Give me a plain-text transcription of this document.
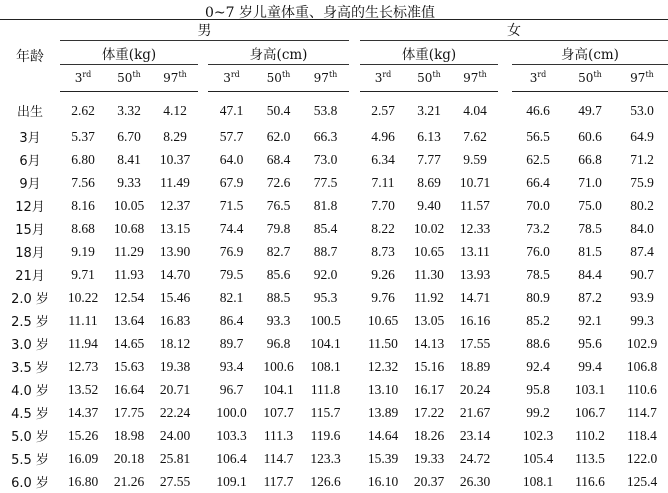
0~7 岁儿童体重、身高的生长标准值
年龄	男								女						
	体重(kg)				身高(cm)				体重(kg)				身高(cm)		
	3rd	50th	97th		3rd	50th	97th		3rd	50th	97th		3rd	50th	97th
出生	2.62	3.32	4.12		47.1	50.4	53.8		2.57	3.21	4.04		46.6	49.7	53.0
3月	5.37	6.70	8.29		57.7	62.0	66.3		4.96	6.13	7.62		56.5	60.6	64.9
6月	6.80	8.41	10.37		64.0	68.4	73.0		6.34	7.77	9.59		62.5	66.8	71.2
9月	7.56	9.33	11.49		67.9	72.6	77.5		7.11	8.69	10.71		66.4	71.0	75.9
12月	8.16	10.05	12.37		71.5	76.5	81.8		7.70	9.40	11.57		70.0	75.0	80.2
15月	8.68	10.68	13.15		74.4	79.8	85.4		8.22	10.02	12.33		73.2	78.5	84.0
18月	9.19	11.29	13.90		76.9	82.7	88.7		8.73	10.65	13.11		76.0	81.5	87.4
21月	9.71	11.93	14.70		79.5	85.6	92.0		9.26	11.30	13.93		78.5	84.4	90.7
2.0 岁	10.22	12.54	15.46		82.1	88.5	95.3		9.76	11.92	14.71		80.9	87.2	93.9
2.5 岁	11.11	13.64	16.83		86.4	93.3	100.5		10.65	13.05	16.16		85.2	92.1	99.3
3.0 岁	11.94	14.65	18.12		89.7	96.8	104.1		11.50	14.13	17.55		88.6	95.6	102.9
3.5 岁	12.73	15.63	19.38		93.4	100.6	108.1		12.32	15.16	18.89		92.4	99.4	106.8
4.0 岁	13.52	16.64	20.71		96.7	104.1	111.8		13.10	16.17	20.24		95.8	103.1	110.6
4.5 岁	14.37	17.75	22.24		100.0	107.7	115.7		13.89	17.22	21.67		99.2	106.7	114.7
5.0 岁	15.26	18.98	24.00		103.3	111.3	119.6		14.64	18.26	23.14		102.3	110.2	118.4
5.5 岁	16.09	20.18	25.81		106.4	114.7	123.3		15.39	19.33	24.72		105.4	113.5	122.0
6.0 岁	16.80	21.26	27.55		109.1	117.7	126.6		16.10	20.37	26.30		108.1	116.6	125.4
